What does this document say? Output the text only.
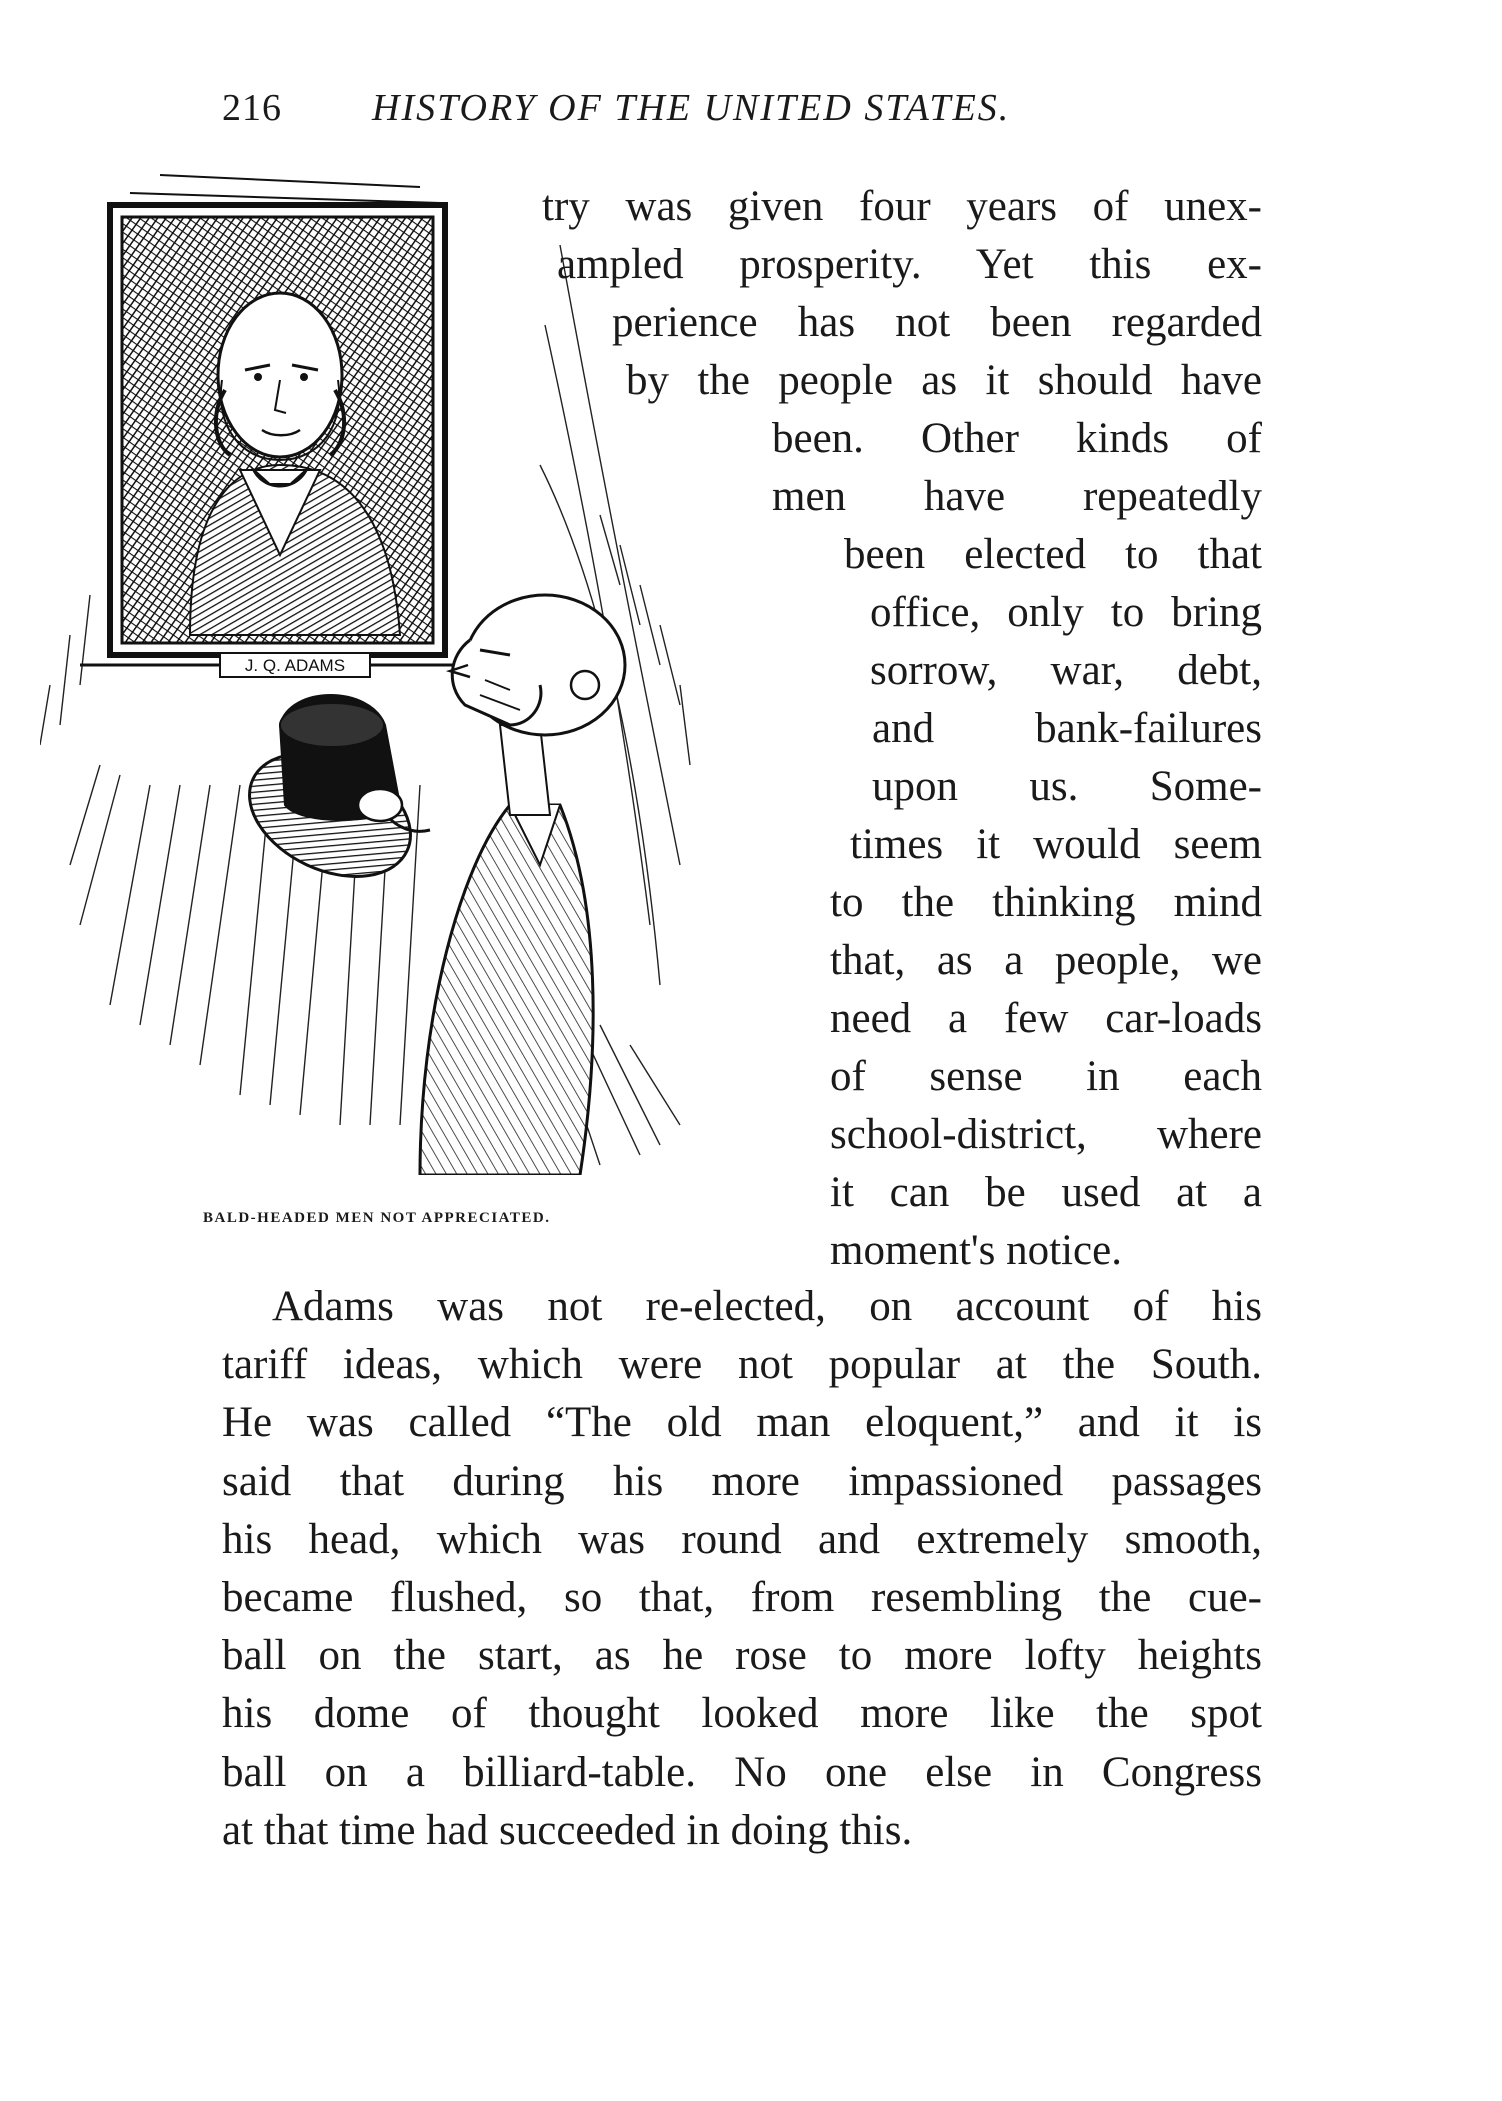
216 HISTORY OF THE UNITED STATES.
J. Q. ADAMS
BALD-HEADED MEN NOT APPRECIATED.
try was given four years of unex-
ampled prosperity. Yet this ex-
perience has not been regarded
by the people as it should have
been. Other kinds of
men have repeatedly
been elected to that
office, only to bring
sorrow, war, debt,
and bank-failures
upon us. Some-
times it would seem
to the thinking mind
that, as a people, we
need a few car-loads
of sense in each
school-district, where
it can be used at a
moment's notice.
Adams was not re-elected, on account of his
tariff ideas, which were not popular at the South.
He was called “The old man eloquent,” and it is
said that during his more impassioned passages
his head, which was round and extremely smooth,
became flushed, so that, from resembling the cue-
ball on the start, as he rose to more lofty heights
his dome of thought looked more like the spot
ball on a billiard-table. No one else in Congress
at that time had succeeded in doing this.
